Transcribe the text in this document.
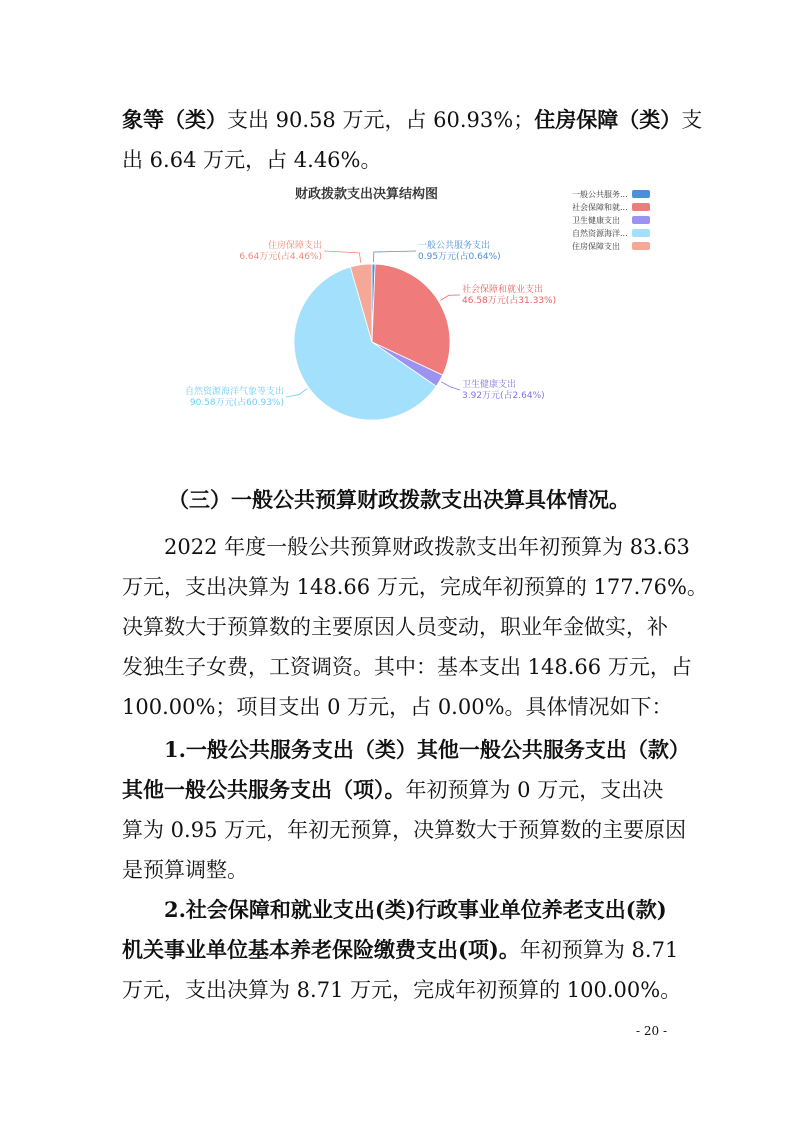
象等（类）支出 90.58 万元，占 60.93%；住房保障（类）支
出 6.64 万元，占 4.46%。
财政拨款支出决算结构图
一般公共服务支出
0.95万元(占0.64%)
社会保障和就业支出
46.58万元(占31.33%)
卫生健康支出
3.92万元(占2.64%)
自然资源海洋气象等支出
90.58万元(占60.93%)
住房保障支出
6.64万元(占4.46%)
一般公共服务...
社会保障和就...
卫生健康支出
自然资源海洋...
住房保障支出
（三）一般公共预算财政拨款支出决算具体情况。
2022 年度一般公共预算财政拨款支出年初预算为 83.63
万元，支出决算为 148.66 万元，完成年初预算的 177.76%。
决算数大于预算数的主要原因人员变动，职业年金做实，补
发独生子女费，工资调资。其中：基本支出 148.66 万元，占
100.00%；项目支出 0 万元，占 0.00%。具体情况如下：
1.一般公共服务支出（类）其他一般公共服务支出（款）
其他一般公共服务支出（项）。年初预算为 0 万元，支出决
算为 0.95 万元，年初无预算，决算数大于预算数的主要原因
是预算调整。
2.社会保障和就业支出(类)行政事业单位养老支出(款)
机关事业单位基本养老保险缴费支出(项)。年初预算为 8.71
万元，支出决算为 8.71 万元，完成年初预算的 100.00%。
- 20 -
